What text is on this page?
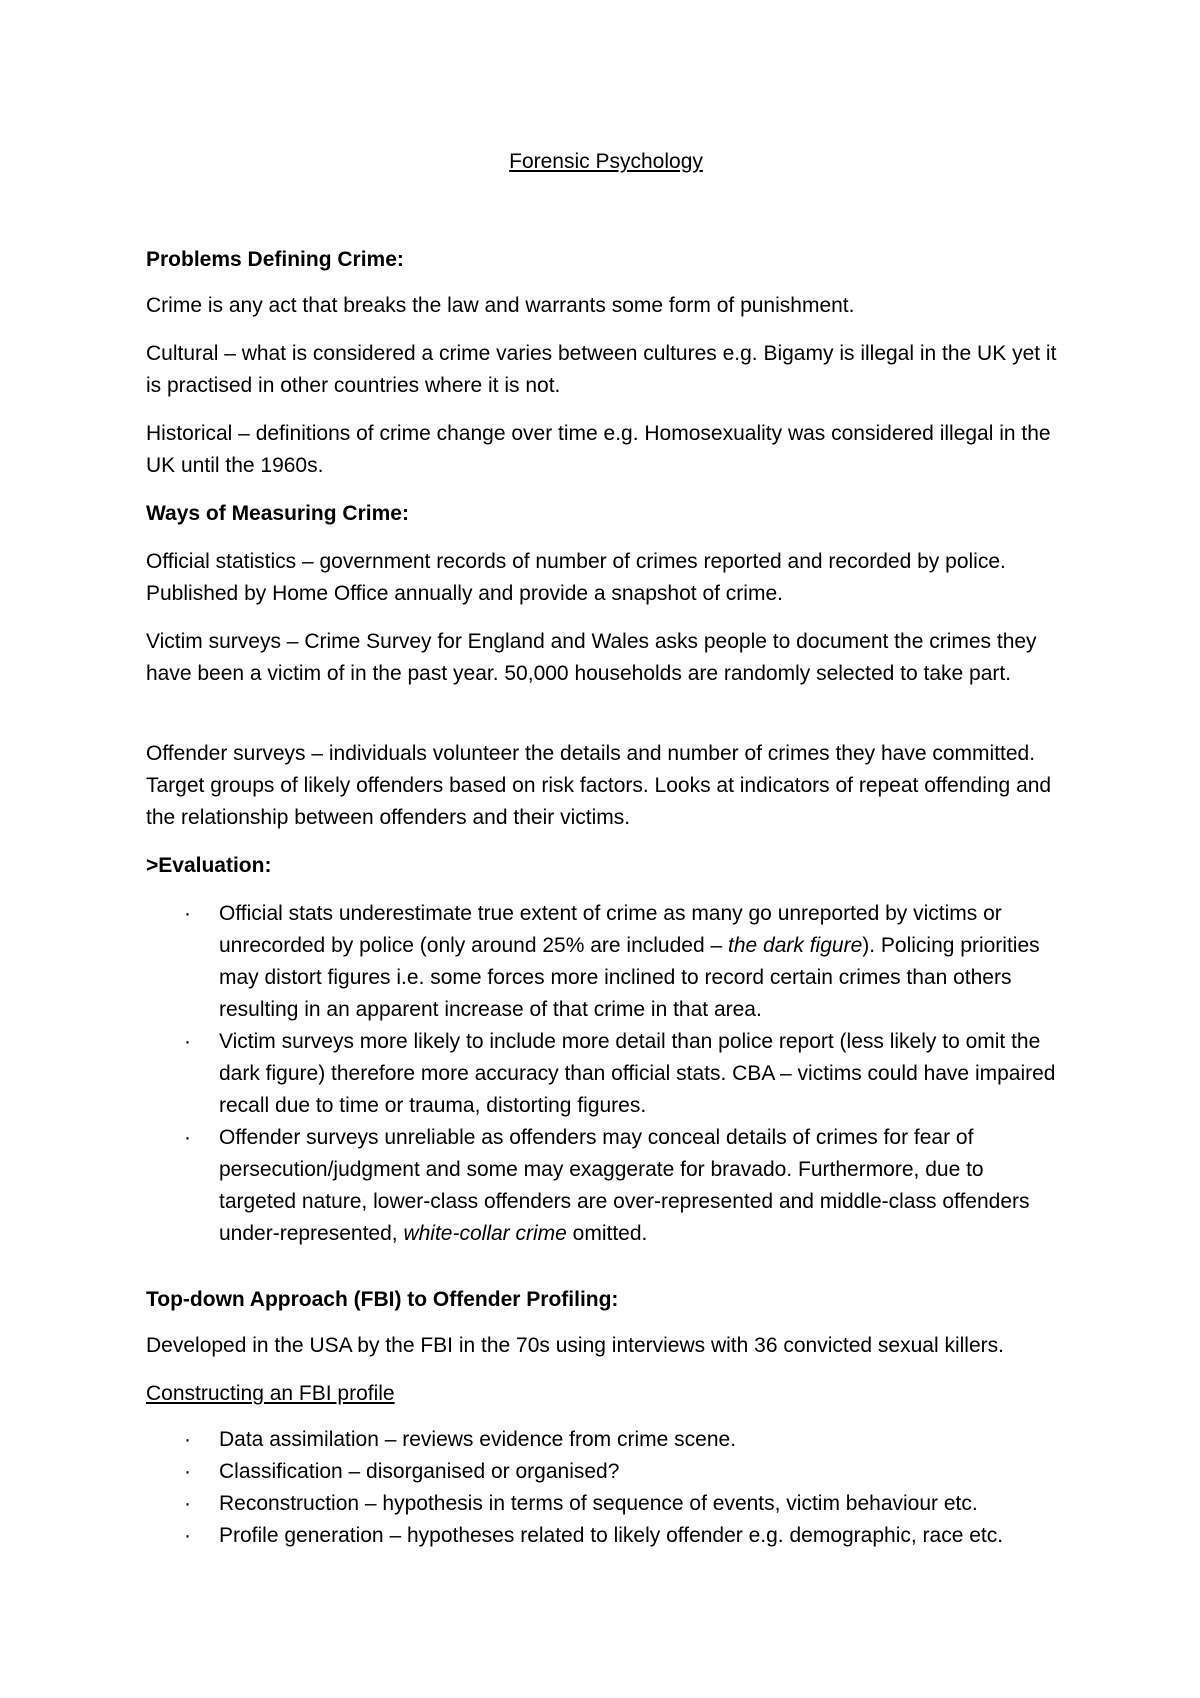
Forensic Psychology

Problems Defining Crime:

Crime is any act that breaks the law and warrants some form of punishment.

Cultural – what is considered a crime varies between cultures e.g. Bigamy is illegal in the UK yet it is practised in other countries where it is not.

Historical – definitions of crime change over time e.g. Homosexuality was considered illegal in the UK until the 1960s.

Ways of Measuring Crime:

Official statistics – government records of number of crimes reported and recorded by police. Published by Home Office annually and provide a snapshot of crime.

Victim surveys – Crime Survey for England and Wales asks people to document the crimes they have been a victim of in the past year. 50,000 households are randomly selected to take part.

Offender surveys – individuals volunteer the details and number of crimes they have committed. Target groups of likely offenders based on risk factors. Looks at indicators of repeat offending and the relationship between offenders and their victims.

>Evaluation:

·	Official stats underestimate true extent of crime as many go unreported by victims or unrecorded by police (only around 25% are included – the dark figure). Policing priorities may distort figures i.e. some forces more inclined to record certain crimes than others resulting in an apparent increase of that crime in that area.
·	Victim surveys more likely to include more detail than police report (less likely to omit the dark figure) therefore more accuracy than official stats. CBA – victims could have impaired recall due to time or trauma, distorting figures.
·	Offender surveys unreliable as offenders may conceal details of crimes for fear of persecution/judgment and some may exaggerate for bravado. Furthermore, due to targeted nature, lower-class offenders are over-represented and middle-class offenders under-represented, white-collar crime omitted.

Top-down Approach (FBI) to Offender Profiling:

Developed in the USA by the FBI in the 70s using interviews with 36 convicted sexual killers.

Constructing an FBI profile

·	Data assimilation – reviews evidence from crime scene.
·	Classification – disorganised or organised?
·	Reconstruction – hypothesis in terms of sequence of events, victim behaviour etc.
·	Profile generation – hypotheses related to likely offender e.g. demographic, race etc.
